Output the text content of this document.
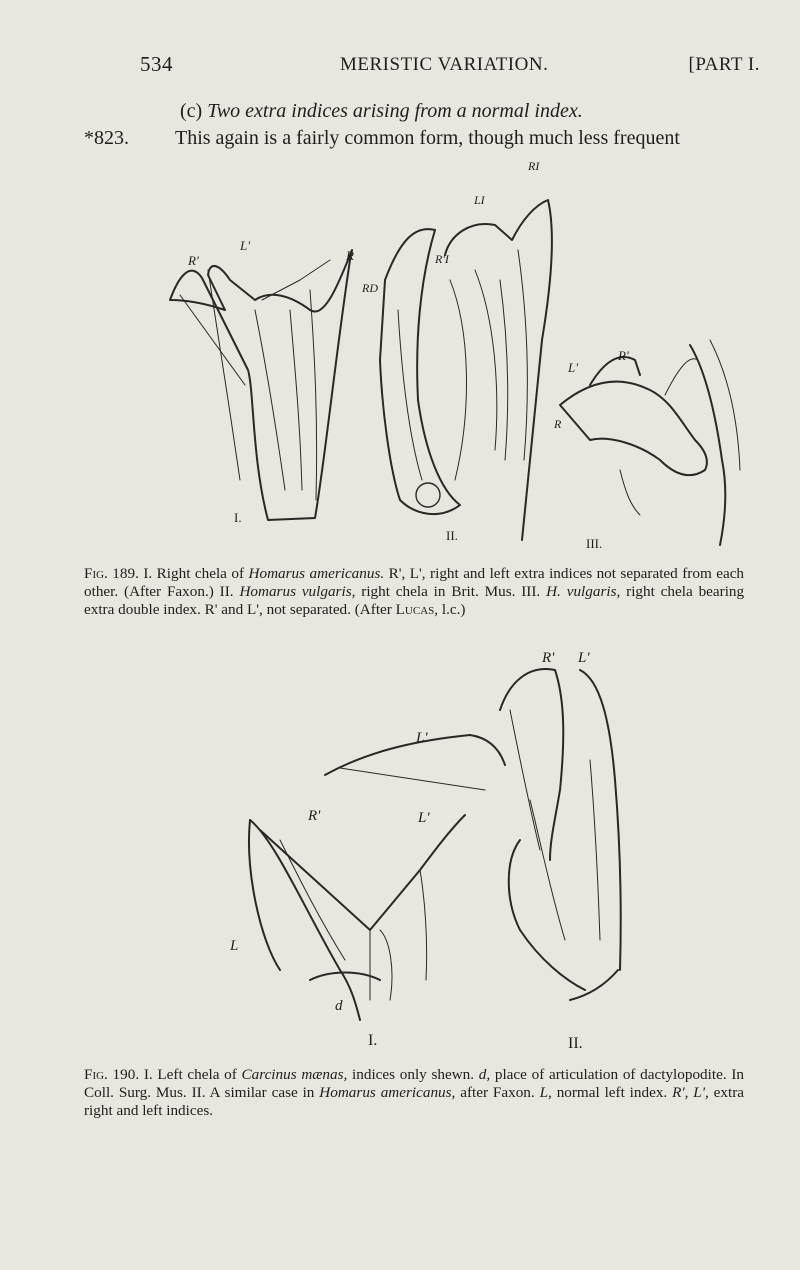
534	MERISTIC VARIATION.	[PART I.
(c) Two extra indices arising from a normal index.
*823. This again is a fairly common form, though much less frequent
R'
L'
R
RD
R'I
LI
RI
L'
R'
R
I.
II.
III.
Fig. 189. I. Right chela of Homarus americanus. R', L', right and left extra indices not separated from each other. (After Faxon.) II. Homarus vulgaris, right chela in Brit. Mus. III. H. vulgaris, right chela bearing extra double index. R' and L', not separated. (After Lucas, l.c.)
R'	L'
L
d
L'
R' L'
I.	II.
Fig. 190. I. Left chela of Carcinus mænas, indices only shewn. d, place of articulation of dactylopodite. In Coll. Surg. Mus. II. A similar case in Homarus americanus, after Faxon. L, normal left index. R', L', extra right and left indices.
